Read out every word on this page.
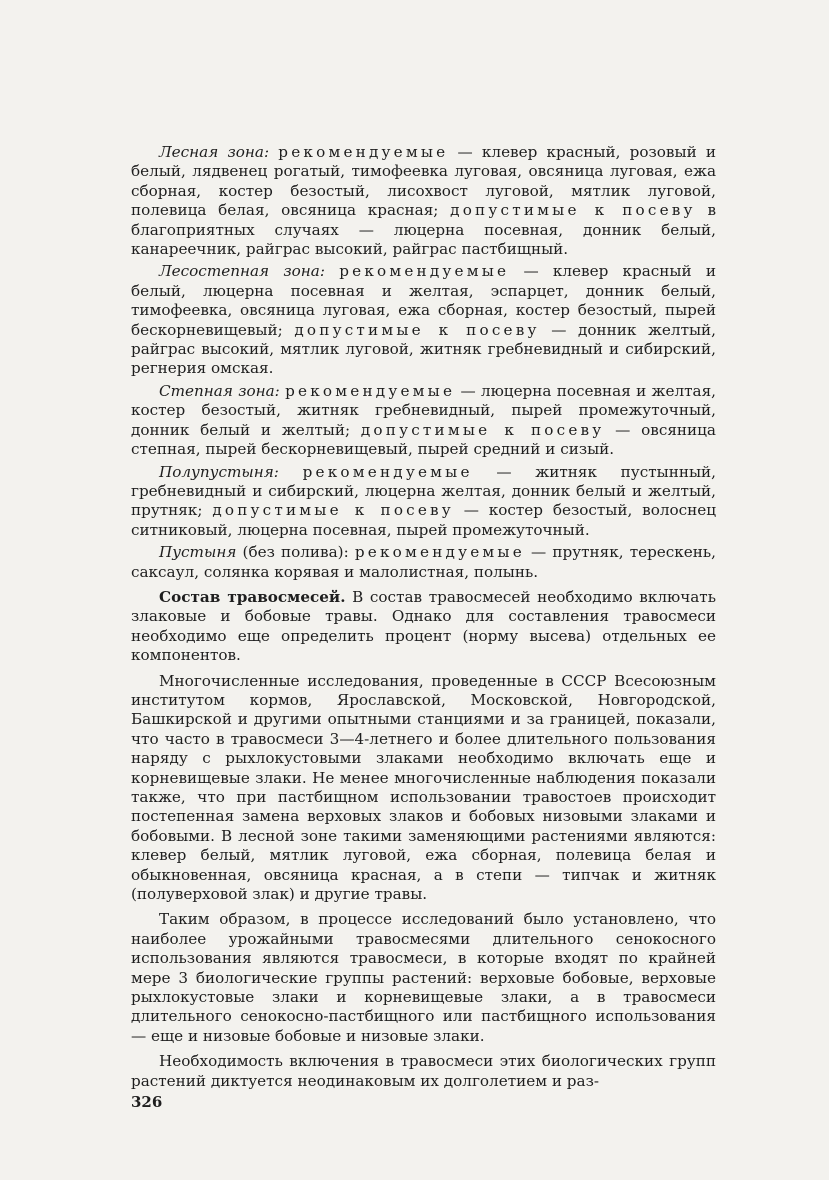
Лесная зона: рекомендуемые — клевер красный, розовый и белый, лядвенец рогатый, тимофеевка луговая, овсяница луговая, ежа сборная, костер безостый, лисохвост луговой, мятлик луговой, полевица белая, овсяница красная; допустимые к посеву в благоприятных случаях — люцерна посевная, донник белый, канареечник, райграс высокий, райграс пастбищный.

Лесостепная зона: рекомендуемые — клевер красный и белый, люцерна посевная и желтая, эспарцет, донник белый, тимофеевка, овсяница луговая, ежа сборная, костер безостый, пырей бескорневищевый; допустимые к посеву — донник желтый, райграс высокий, мятлик луговой, житняк гребневидный и сибирский, регнерия омская.

Степная зона: рекомендуемые — люцерна посевная и желтая, костер безостый, житняк гребневидный, пырей промежуточный, донник белый и желтый; допустимые к посеву — овсяница степная, пырей бескорневищевый, пырей средний и сизый.

Полупустыня: рекомендуемые — житняк пустынный, гребневидный и сибирский, люцерна желтая, донник белый и желтый, прутняк; допустимые к посеву — костер безостый, волоснец ситниковый, люцерна посевная, пырей промежуточный.

Пустыня (без полива): рекомендуемые — прутняк, терескень, саксаул, солянка корявая и малолистная, полынь.

Состав травосмесей. В состав травосмесей необходимо включать злаковые и бобовые травы. Однако для составления травосмеси необходимо еще определить процент (норму высева) отдельных ее компонентов.

Многочисленные исследования, проведенные в СССР Всесоюзным институтом кормов, Ярославской, Московской, Новгородской, Башкирской и другими опытными станциями и за границей, показали, что часто в травосмеси 3—4-летнего и более длительного пользования наряду с рыхлокустовыми злаками необходимо включать еще и корневищевые злаки. Не менее многочисленные наблюдения показали также, что при пастбищном использовании травостоев происходит постепенная замена верховых злаков и бобовых низовыми злаками и бобовыми. В лесной зоне такими заменяющими растениями являются: клевер белый, мятлик луговой, ежа сборная, полевица белая и обыкновенная, овсяница красная, а в степи — типчак и житняк (полуверховой злак) и другие травы.

Таким образом, в процессе исследований было установлено, что наиболее урожайными травосмесями длительного сенокосного использования являются травосмеси, в которые входят по крайней мере 3 биологические группы растений: верховые бобовые, верховые рыхлокустовые злаки и корневищевые злаки, а в травосмеси длительного сенокосно-пастбищного или пастбищного использования — еще и низовые бобовые и низовые злаки.

Необходимость включения в травосмеси этих биологических групп растений диктуется неодинаковым их долголетием и раз-

326
